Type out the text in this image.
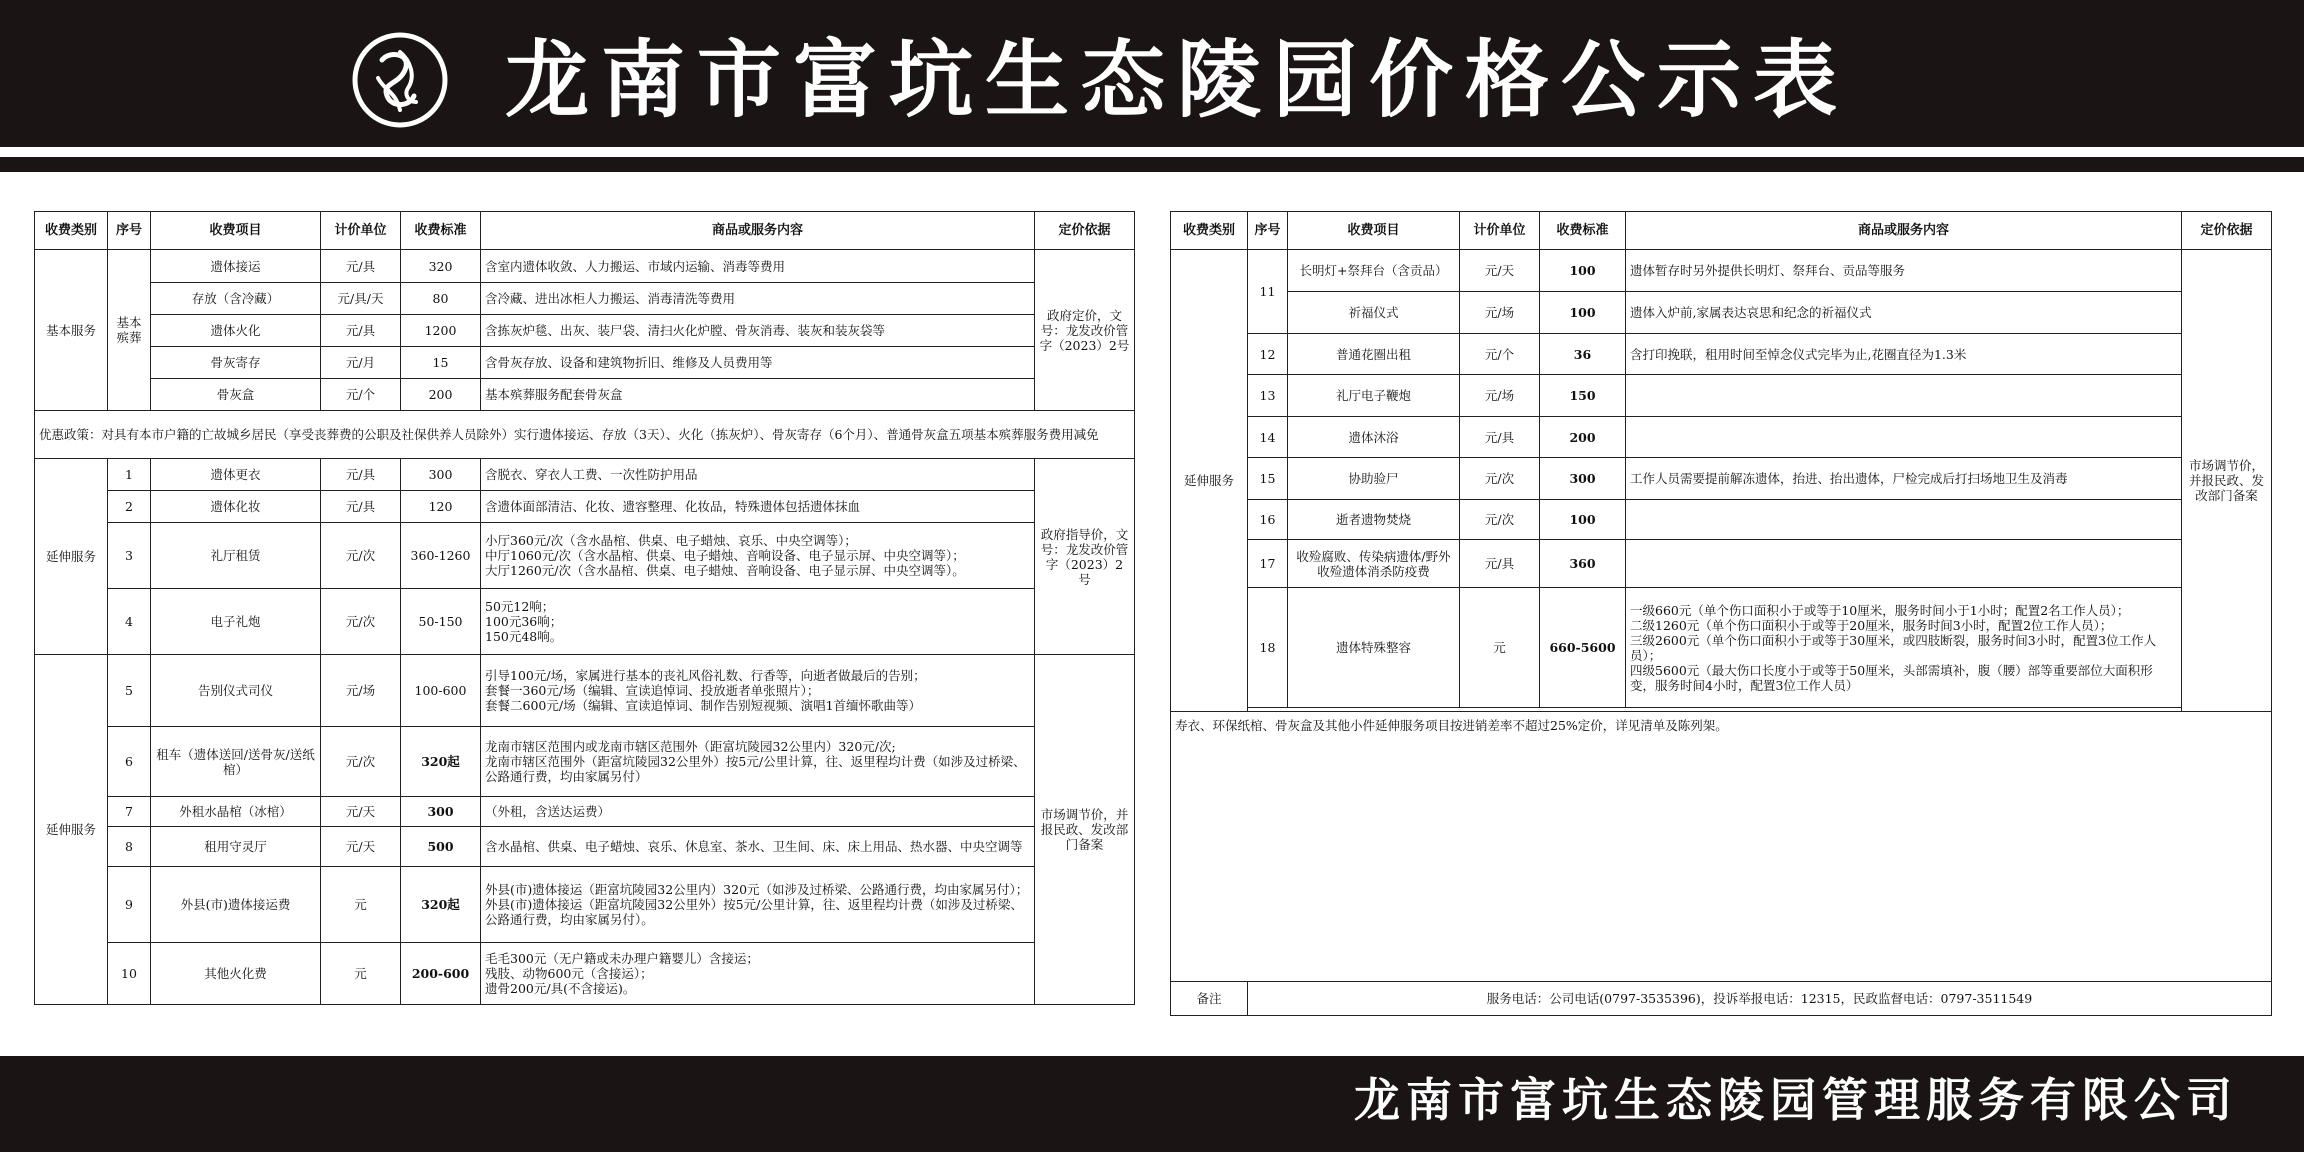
龙南市富坑生态陵园价格公示表
收费类别	序号	收费项目	计价单位	收费标准	商品或服务内容	定价依据
基本服务	基本殡葬	遗体接运	元/具	320	含室内遗体收敛、人力搬运、市域内运输、消毒等费用	政府定价，文号：龙发改价管字（2023）2号
		存放（含冷藏）	元/具/天	80	含冷藏、进出冰柜人力搬运、消毒清洗等费用	
		遗体火化	元/具	1200	含拣灰炉毯、出灰、装尸袋、清扫火化炉膛、骨灰消毒、装灰和装灰袋等	
		骨灰寄存	元/月	15	含骨灰存放、设备和建筑物折旧、维修及人员费用等	
		骨灰盒	元/个	200	基本殡葬服务配套骨灰盒	
优惠政策：对具有本市户籍的亡故城乡居民（享受丧葬费的公职及社保供养人员除外）实行遗体接运、存放（3天）、火化（拣灰炉）、骨灰寄存（6个月）、普通骨灰盒五项基本殡葬服务费用减免						
延伸服务	1	遗体更衣	元/具	300	含脱衣、穿衣人工费、一次性防护用品	政府指导价，文号：龙发改价管字（2023）2 号
	2	遗体化妆	元/具	120	含遗体面部清洁、化妆、遗容整理、化妆品，特殊遗体包括遗体抹血	
	3	礼厅租赁	元/次	360-1260	小厅360元/次（含水晶棺、供桌、电子蜡烛、哀乐、中央空调等）；
中厅1060元/次（含水晶棺、供桌、电子蜡烛、音响设备、电子显示屏、中央空调等）；
大厅1260元/次（含水晶棺、供桌、电子蜡烛、音响设备、电子显示屏、中央空调等）。	

	4	电子礼炮	元/次	50-150	50元12响；
100元36响；
150元48响。	

延伸服务	5	告别仪式司仪	元/场	100-600	引导100元/场，家属进行基本的丧礼风俗礼数、行香等，向逝者做最后的告别；
套餐一360元/场（编辑、宣读追悼词、投放逝者单张照片）；
套餐二600元/场（编辑、宣读追悼词、制作告别短视频、演唱1首缅怀歌曲等）	市场调节价，并报民政、发改部门备案
	6	租车（遗体送回/送骨灰/送纸棺）	元/次	320起	龙南市辖区范围内或龙南市辖区范围外（距富坑陵园32公里内）320元/次;
龙南市辖区范围外（距富坑陵园32公里外）按5元/公里计算，往、返里程均计费（如涉及过桥梁、公路通行费，均由家属另付）	

	7	外租水晶棺（冰棺）	元/天	300	（外租，含送达运费）	
	8	租用守灵厅	元/天	500	含水晶棺、供桌、电子蜡烛、哀乐、休息室、茶水、卫生间、床、床上用品、热水器、中央空调等	
	9	外县(市)遗体接运费	元	320起	外县(市)遗体接运（距富坑陵园32公里内）320元（如涉及过桥梁、公路通行费，均由家属另付）；
外县(市)遗体接运（距富坑陵园32公里外）按5元/公里计算，往、返里程均计费（如涉及过桥梁、公路通行费，均由家属另付）。	

	10	其他火化费	元	200-600	毛毛300元（无户籍或未办理户籍婴儿）含接运；
残肢、动物600元（含接运）；
遗骨200元/具(不含接运)。	
收费类别	序号	收费项目	计价单位	收费标准	商品或服务内容	定价依据
延伸服务	11	长明灯+祭拜台（含贡品）	元/天	100	遗体暂存时另外提供长明灯、祭拜台、贡品等服务	市场调节价，并报民政、发改部门备案
		祈福仪式	元/场	100	遗体入炉前,家属表达哀思和纪念的祈福仪式	
	12	普通花圈出租	元/个	36	含打印挽联，租用时间至悼念仪式完毕为止,花圈直径为1.3米	
	13	礼厅电子鞭炮	元/场	150		
	14	遗体沐浴	元/具	200		
	15	协助验尸	元/次	300	工作人员需要提前解冻遗体，抬进、抬出遗体，尸检完成后打扫场地卫生及消毒	
	16	逝者遗物焚烧	元/次	100		
	17	收殓腐败、传染病遗体/野外收殓遗体消杀防疫费	元/具	360		
	18	遗体特殊整容	元	660-5600	一级660元（单个伤口面积小于或等于10厘米，服务时间小于1小时；配置2名工作人员）；
二级1260元（单个伤口面积小于或等于20厘米，服务时间3小时，配置2位工作人员）；
三级2600元（单个伤口面积小于或等于30厘米，或四肢断裂，服务时间3小时，配置3位工作人员）；
四级5600元（最大伤口长度小于或等于50厘米，头部需填补，腹（腰）部等重要部位大面积形变，服务时间4小时，配置3位工作人员）	

寿衣、环保纸棺、骨灰盒及其他小件延伸服务项目按进销差率不超过25%定价，详见清单及陈列架。						
备注	服务电话：公司电话(0797-3535396)，投诉举报电话：12315，民政监督电话：0797-3511549					
龙南市富坑生态陵园管理服务有限公司
